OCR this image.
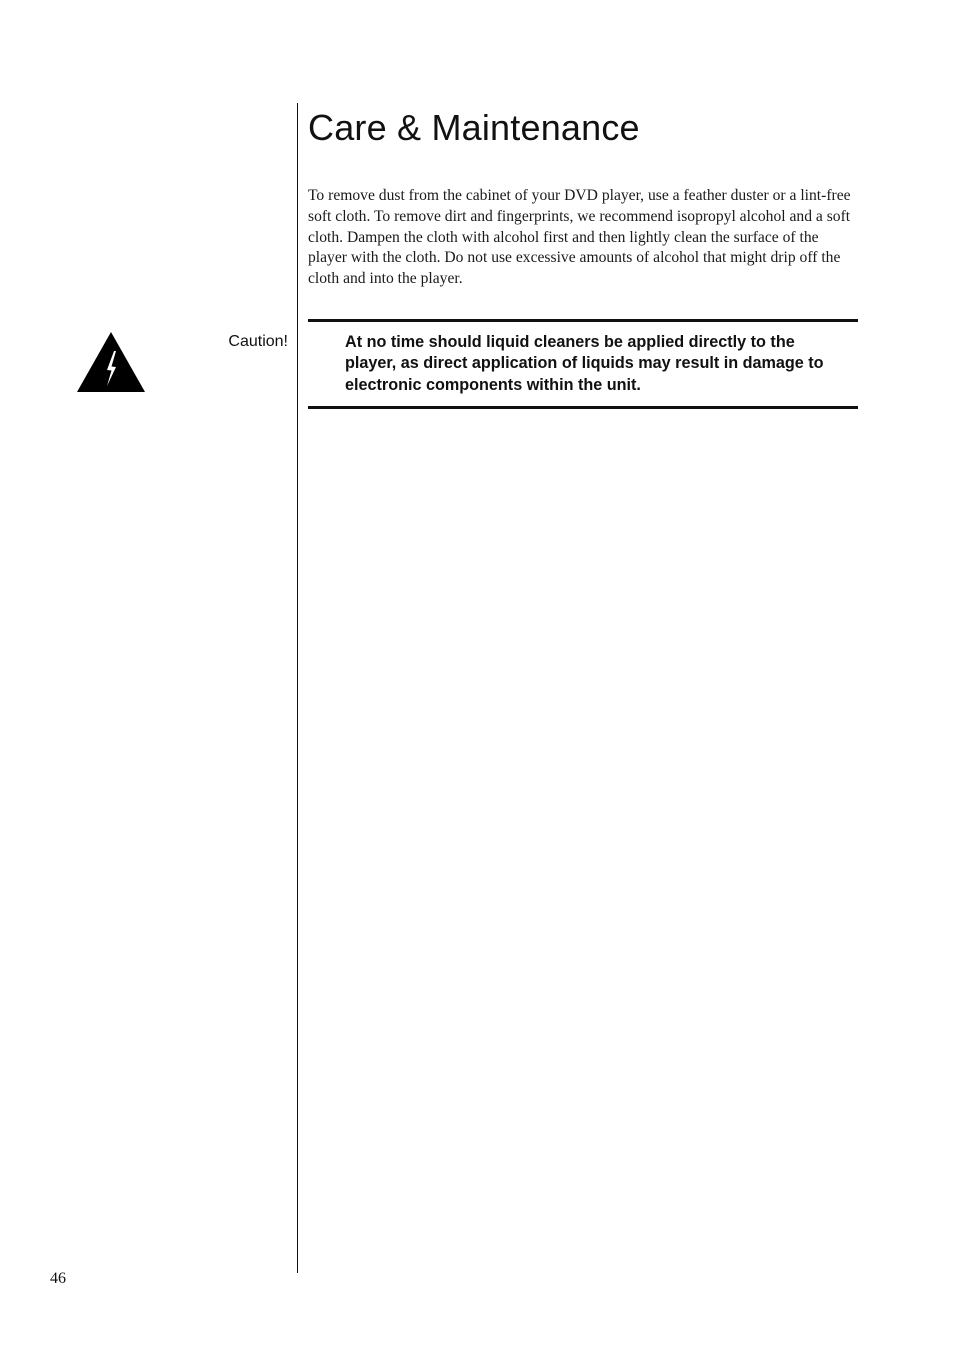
Care & Maintenance

To remove dust from the cabinet of your DVD player, use a feather duster or a lint-free soft cloth. To remove dirt and fingerprints, we recommend isopropyl alcohol and a soft cloth. Dampen the cloth with alcohol first and then lightly clean the surface of the player with the cloth. Do not use excessive amounts of alcohol that might drip off the cloth and into the player.

Caution!	At no time should liquid cleaners be applied directly to the player, as direct application of liquids may result in damage to electronic components within the unit.

46
